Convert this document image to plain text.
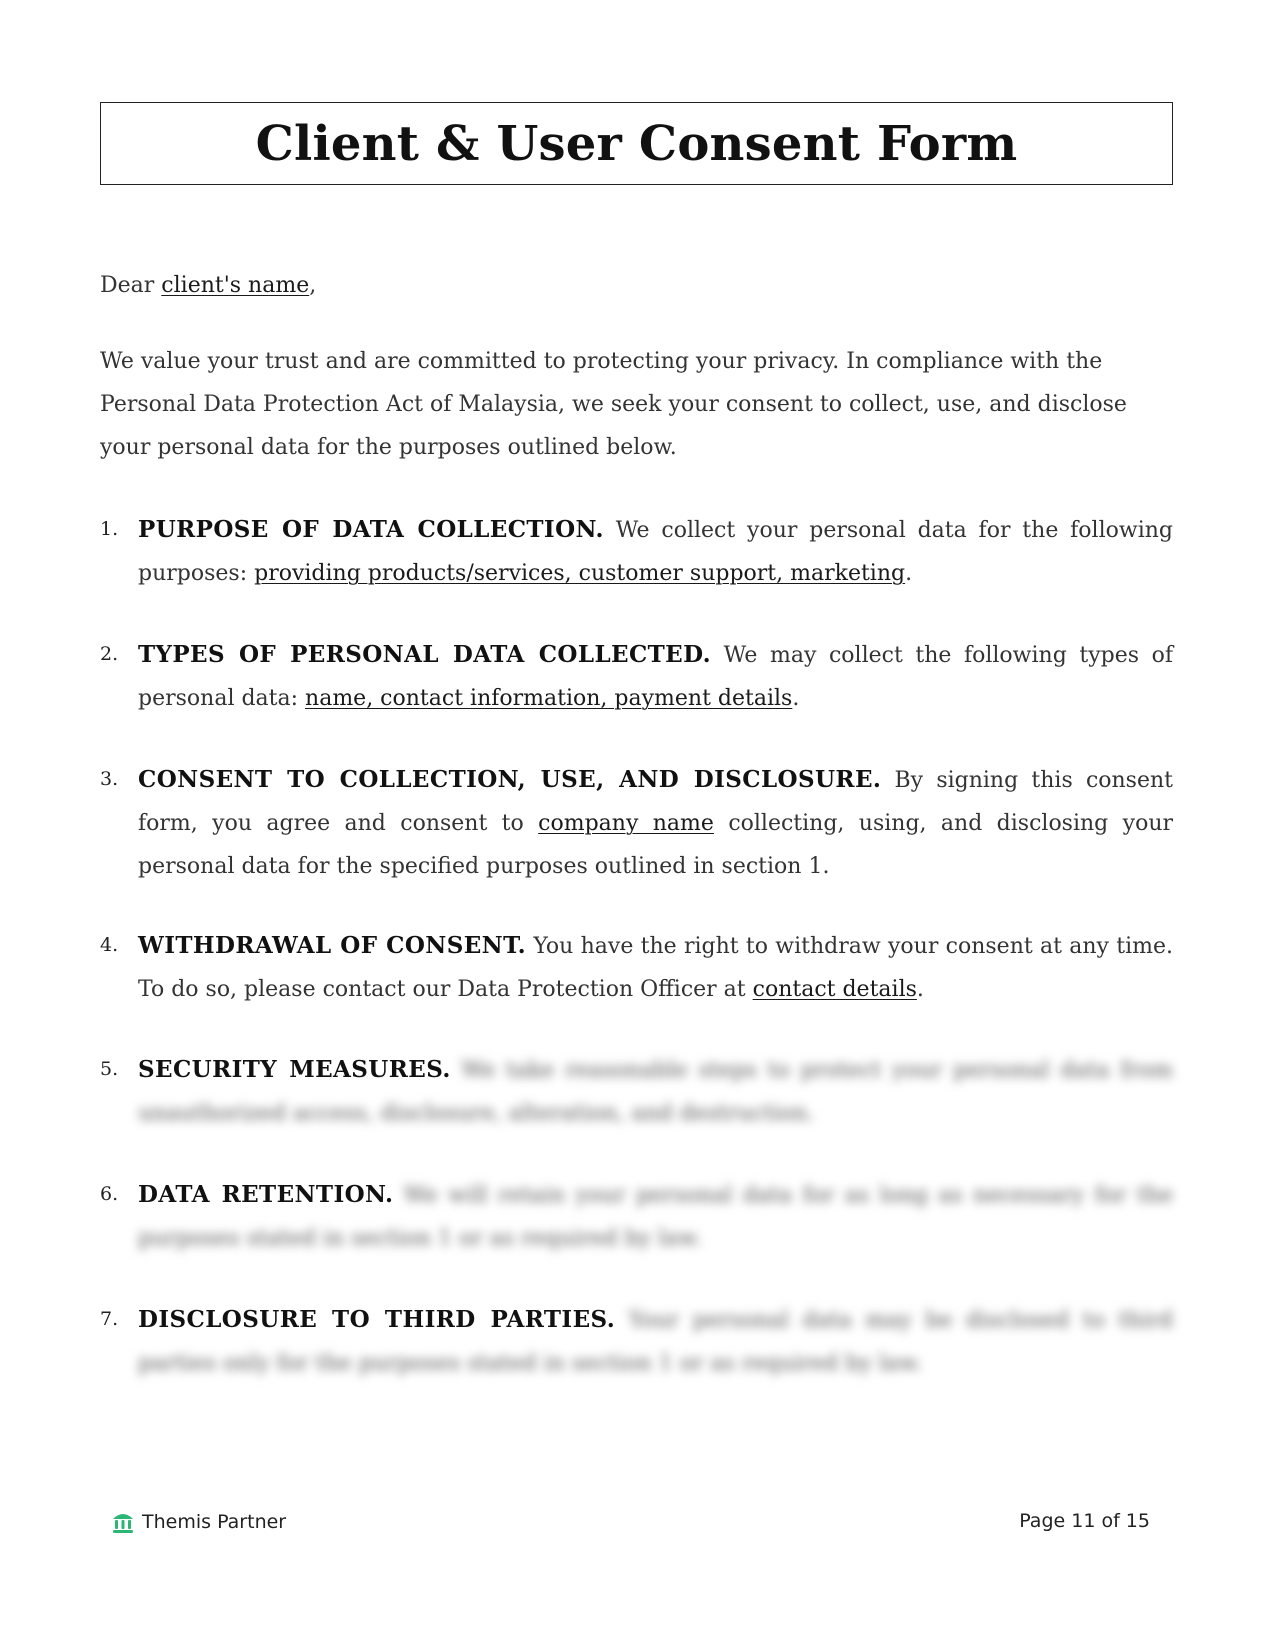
Client & User Consent Form

Dear client's name,

We value your trust and are committed to protecting your privacy. In compliance with the Personal Data Protection Act of Malaysia, we seek your consent to collect, use, and disclose your personal data for the purposes outlined below.

1. PURPOSE OF DATA COLLECTION. We collect your personal data for the following purposes: providing products/services, customer support, marketing.

2. TYPES OF PERSONAL DATA COLLECTED. We may collect the following types of personal data: name, contact information, payment details.

3. CONSENT TO COLLECTION, USE, AND DISCLOSURE. By signing this consent form, you agree and consent to company name collecting, using, and disclosing your personal data for the specified purposes outlined in section 1.

4. WITHDRAWAL OF CONSENT. You have the right to withdraw your consent at any time. To do so, please contact our Data Protection Officer at contact details.

5. SECURITY MEASURES. We take reasonable steps to protect your personal data from unauthorized access, disclosure, alteration, and destruction.

6. DATA RETENTION. We will retain your personal data for as long as necessary for the purposes stated in section 1 or as required by law.

7. DISCLOSURE TO THIRD PARTIES. Your personal data may be disclosed to third parties only for the purposes stated in section 1 or as required by law.

Themis Partner	Page 11 of 15
